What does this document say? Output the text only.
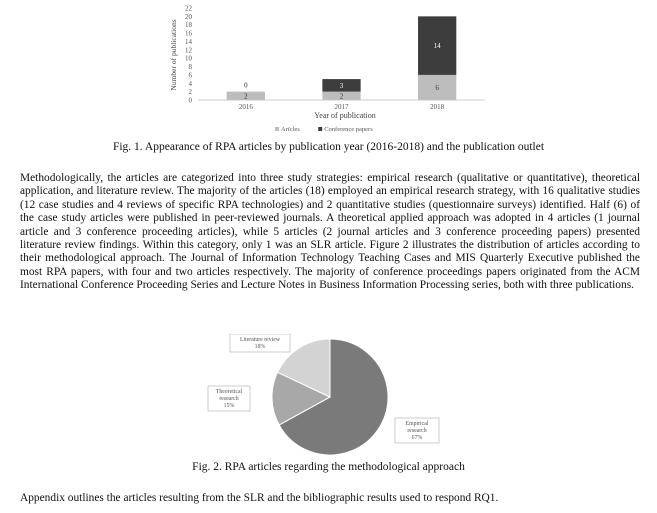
0
2
4
6
8
10
12
14
16
18
20
22
2
0
2
3	6
14
2016	2017	2018
Number of publications
Year of publication
Arïcles	Conference papers
Fig. 1. Appearance of RPA articles by publication year (2016-2018) and the publication outlet

Methodologically, the articles are categorized into three study strategies: empirical research (qualitative or quantitative), theoretical application, and literature review. The majority of the articles (18) employed an empirical research strategy, with 16 qualitative studies (12 case studies and 4 reviews of specific RPA technologies) and 2 quantitative studies (questionnaire surveys) identified. Half (6) of the case study articles were published in peer-reviewed journals. A theoretical applied approach was adopted in 4 articles (1 journal article and 3 conference proceeding articles), while 5 articles (2 journal articles and 3 conference proceeding papers) presented literature review findings. Within this category, only 1 was an SLR article. Figure 2 illustrates the distribution of articles according to their methodological approach. The Journal of Information Technology Teaching Cases and MIS Quarterly Executive published the most RPA papers, with four and two articles respectively. The majority of conference proceedings papers originated from the ACM International Conference Proceeding Series and Lecture Notes in Business Information Processing series, both with three publications.

Empirical research 67%
Theoretical research 15%
Literature review 18%
Fig. 2. RPA articles regarding the methodological approach

Appendix outlines the articles resulting from the SLR and the bibliographic results used to respond RQ1.
